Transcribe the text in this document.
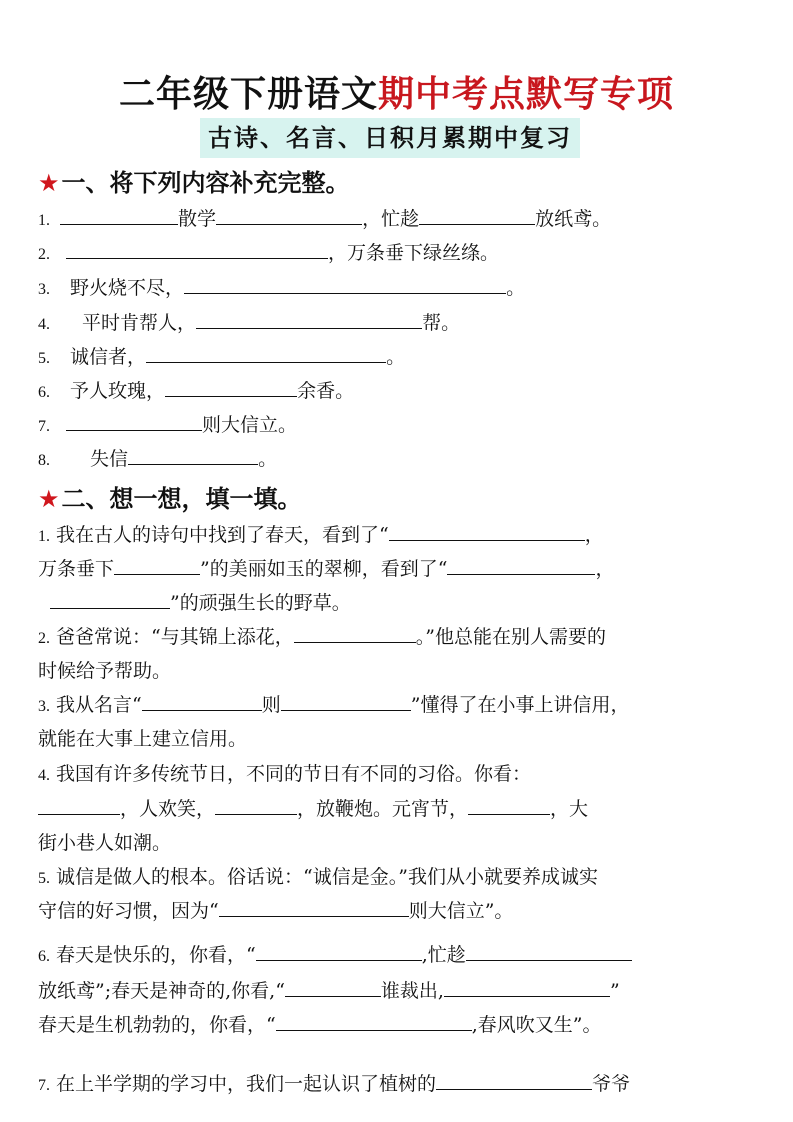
二年级下册语文期中考点默写专项
古诗、名言、日积月累期中复习
★一、将下列内容补充完整。
1.	散学	，忙趁	放纸鸢。
2.	，万条垂下绿丝绦。
3. 野火烧不尽，	。
4. 平时肯帮人，	帮。
5. 诚信者，	。
6. 予人玫瑰，	余香。
7.	则大信立。
8. 失信	。
★二、想一想，填一填。
1. 我在古人的诗句中找到了春天，看到了“	，
万条垂下	”的美丽如玉的翠柳，看到了“	，
”的顽强生长的野草。
2. 爸爸常说：“与其锦上添花，	。”他总能在别人需要的
时候给予帮助。
3. 我从名言“	则	”懂得了在小事上讲信用，
就能在大事上建立信用。
4. 我国有许多传统节日，不同的节日有不同的习俗。你看：
，人欢笑，	，放鞭炮。元宵节，	，大
街小巷人如潮。
5. 诚信是做人的根本。俗话说：“诚信是金。”我们从小就要养成诚实
守信的好习惯，因为“	则大信立”。
6. 春天是快乐的，你看，“	,忙趁
放纸鸢”;春天是神奇的,你看,“	谁裁出,	”
春天是生机勃勃的，你看，“	,春风吹又生”。
7. 在上半学期的学习中，我们一起认识了植树的	爷爷
